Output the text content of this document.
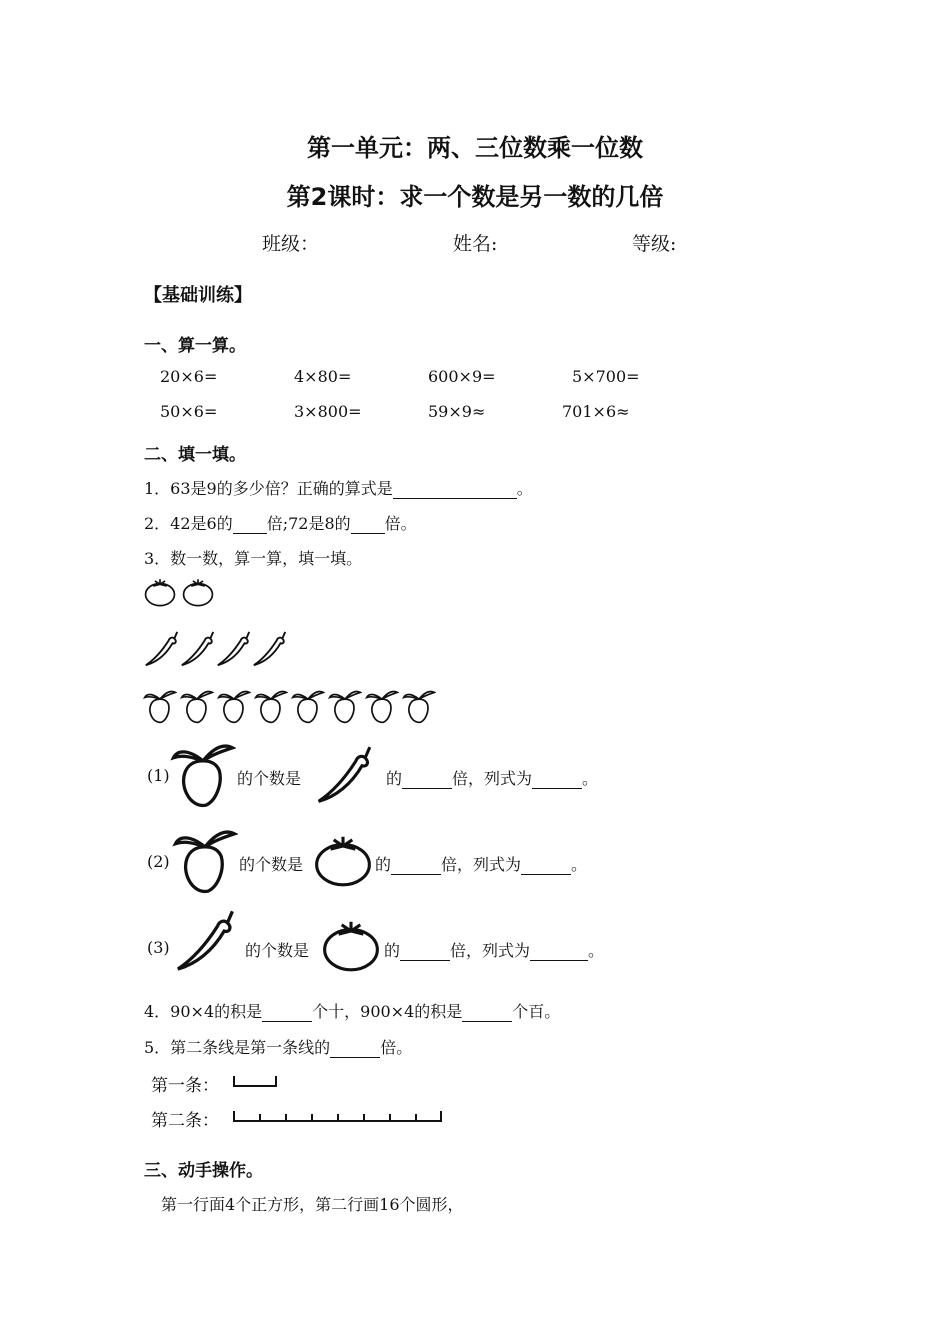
第一单元：两、三位数乘一位数
第2课时：求一个数是另一数的几倍
班级：	姓名:	等级:
【基础训练】
一、算一算。
20×6=	4×80=	600×9=	5×700=
50×6=	3×800=	59×9≈	701×6≈
二、填一填。
1．63是9的多少倍？正确的算式是	。
2．42是6的 倍;72是8的 倍。
3．数一数，算一算，填一填。
(1)	的个数是	的	倍，列式为	。
(2)	的个数是	的	倍，列式为	。
(3)	的个数是	的	倍，列式为	。
4．90×4的积是	个十，900×4的积是	个百。
5．第二条线是第一条线的	倍。
第一条：
第二条：
三、动手操作。
第一行面4个正方形，第二行画16个圆形，
